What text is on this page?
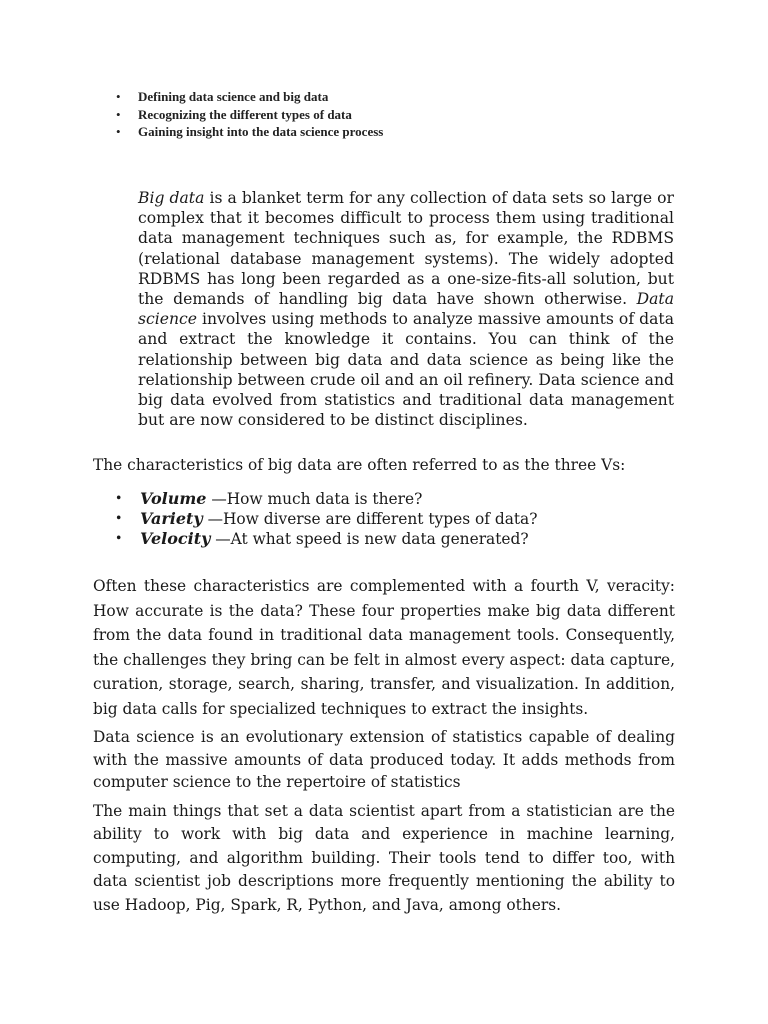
• Defining data science and big data
• Recognizing the different types of data
• Gaining insight into the data science process

Big data is a blanket term for any collection of data sets so large or complex that it becomes difficult to process them using traditional data management techniques such as, for example, the RDBMS (relational database management systems). The widely adopted RDBMS has long been regarded as a one-size-fits-all solution, but the demands of handling big data have shown otherwise. Data science involves using methods to analyze massive amounts of data and extract the knowledge it contains. You can think of the relationship between big data and data science as being like the relationship between crude oil and an oil refinery. Data science and big data evolved from statistics and traditional data management but are now considered to be distinct disciplines.

The characteristics of big data are often referred to as the three Vs:

• Volume —How much data is there?
• Variety —How diverse are different types of data?
• Velocity —At what speed is new data generated?

Often these characteristics are complemented with a fourth V, veracity: How accurate is the data? These four properties make big data different from the data found in traditional data management tools. Consequently, the challenges they bring can be felt in almost every aspect: data capture, curation, storage, search, sharing, transfer, and visualization. In addition, big data calls for specialized techniques to extract the insights.

Data science is an evolutionary extension of statistics capable of dealing with the massive amounts of data produced today. It adds methods from computer science to the repertoire of statistics

The main things that set a data scientist apart from a statistician are the ability to work with big data and experience in machine learning, computing, and algorithm building. Their tools tend to differ too, with data scientist job descriptions more frequently mentioning the ability to use Hadoop, Pig, Spark, R, Python, and Java, among others.
